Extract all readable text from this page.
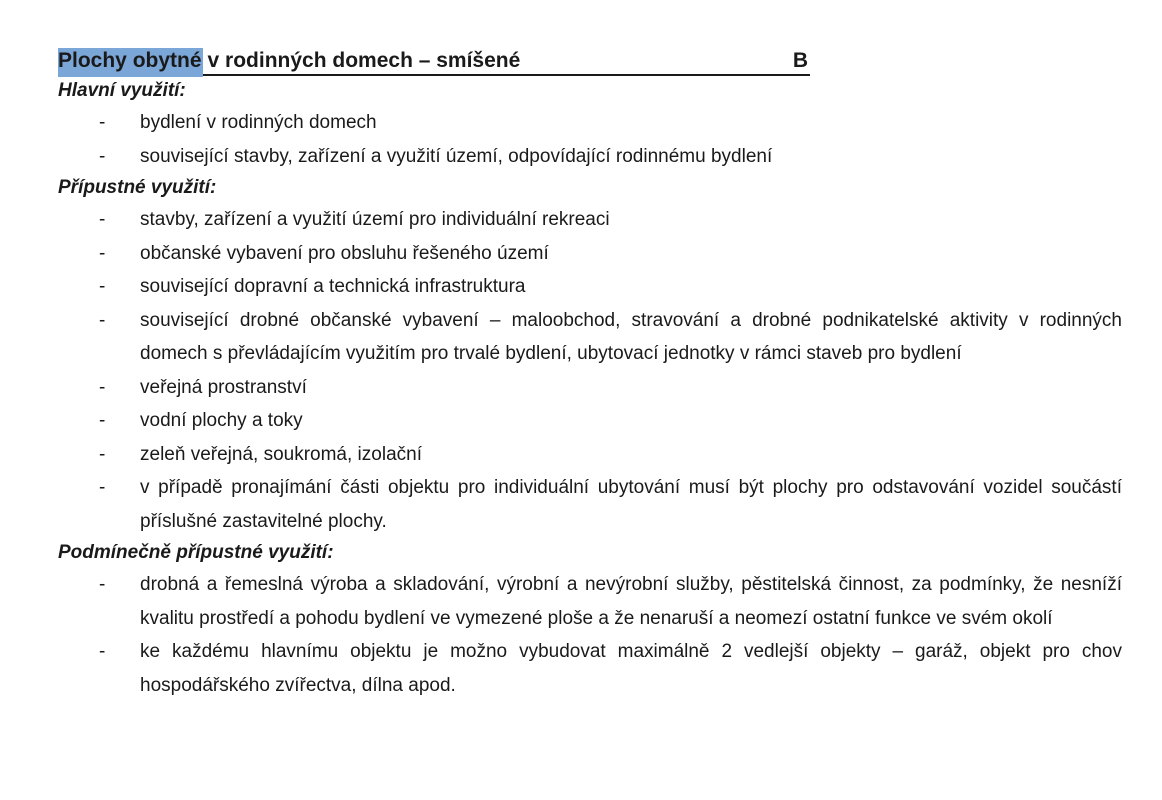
Plochy obytné v rodinných domech – smíšené	B

Hlavní využití:

- bydlení v rodinných domech
- související stavby, zařízení a využití území, odpovídající rodinnému bydlení

Přípustné využití:

- stavby, zařízení a využití území pro individuální rekreaci
- občanské vybavení pro obsluhu řešeného území
- související dopravní a technická infrastruktura
- související drobné občanské vybavení – maloobchod, stravování a drobné podnikatelské aktivity v rodinných domech s převládajícím využitím pro trvalé bydlení, ubytovací jednotky v rámci staveb pro bydlení
- veřejná prostranství
- vodní plochy a toky
- zeleň veřejná, soukromá, izolační
- v případě pronajímání části objektu pro individuální ubytování musí být plochy pro odstavování vozidel součástí příslušné zastavitelné plochy.

Podmínečně přípustné využití:

- drobná a řemeslná výroba a skladování, výrobní a nevýrobní služby, pěstitelská činnost, za podmínky, že nesníží kvalitu prostředí a pohodu bydlení ve vymezené ploše a že nenaruší a neomezí ostatní funkce ve svém okolí
- ke každému hlavnímu objektu je možno vybudovat maximálně 2 vedlejší objekty – garáž, objekt pro chov hospodářského zvířectva, dílna apod.
